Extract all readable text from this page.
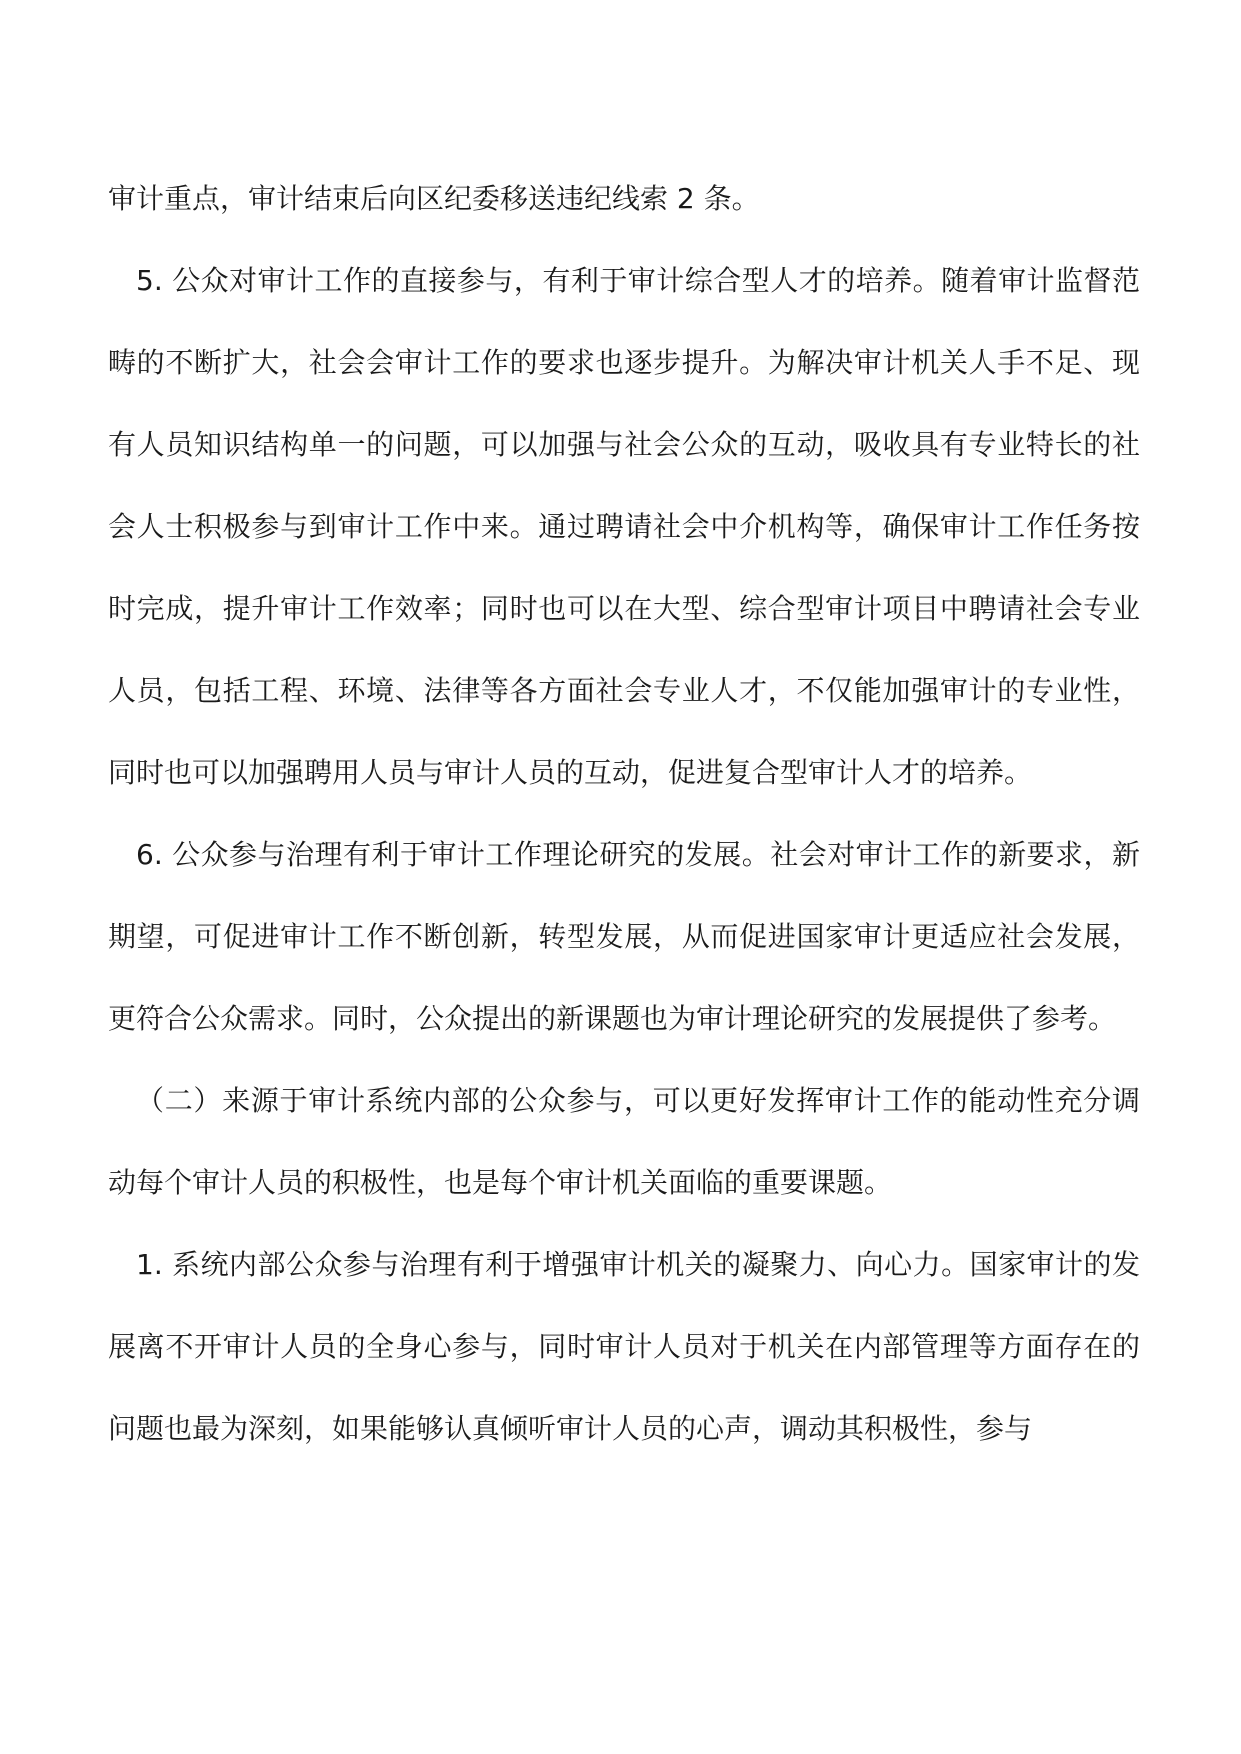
审计重点，审计结束后向区纪委移送违纪线索 2 条。

5. 公众对审计工作的直接参与，有利于审计综合型人才的培养。随着审计监督范畴的不断扩大，社会会审计工作的要求也逐步提升。为解决审计机关人手不足、现有人员知识结构单一的问题，可以加强与社会公众的互动，吸收具有专业特长的社会人士积极参与到审计工作中来。通过聘请社会中介机构等，确保审计工作任务按时完成，提升审计工作效率；同时也可以在大型、综合型审计项目中聘请社会专业人员，包括工程、环境、法律等各方面社会专业人才，不仅能加强审计的专业性，同时也可以加强聘用人员与审计人员的互动，促进复合型审计人才的培养。

6. 公众参与治理有利于审计工作理论研究的发展。社会对审计工作的新要求，新期望，可促进审计工作不断创新，转型发展，从而促进国家审计更适应社会发展，更符合公众需求。同时，公众提出的新课题也为审计理论研究的发展提供了参考。

（二）来源于审计系统内部的公众参与，可以更好发挥审计工作的能动性充分调动每个审计人员的积极性，也是每个审计机关面临的重要课题。

1. 系统内部公众参与治理有利于增强审计机关的凝聚力、向心力。国家审计的发展离不开审计人员的全身心参与，同时审计人员对于机关在内部管理等方面存在的问题也最为深刻，如果能够认真倾听审计人员的心声，调动其积极性，参与
